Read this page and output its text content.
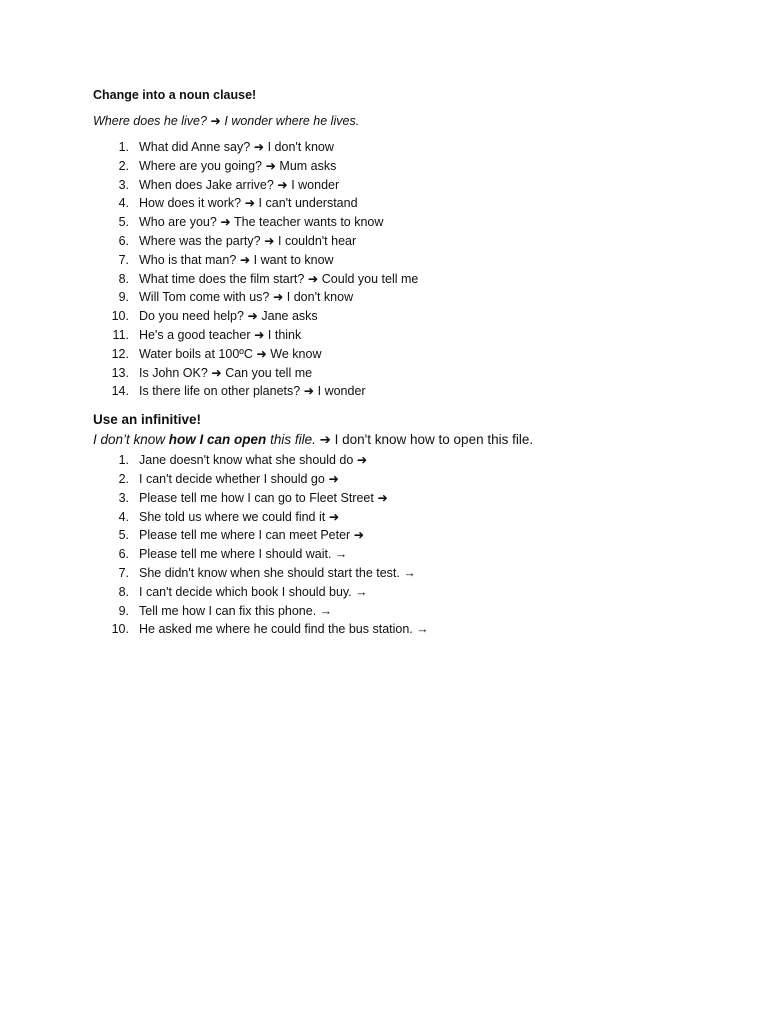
Change into a noun clause!

Where does he live? ➜ I wonder where he lives.

1. What did Anne say? ➜ I don't know
2. Where are you going? ➜ Mum asks
3. When does Jake arrive? ➜ I wonder
4. How does it work? ➜ I can't understand
5. Who are you? ➜ The teacher wants to know
6. Where was the party? ➜ I couldn't hear
7. Who is that man? ➜ I want to know
8. What time does the film start? ➜ Could you tell me
9. Will Tom come with us? ➜ I don't know
10. Do you need help? ➜ Jane asks
11. He's a good teacher ➜ I think
12. Water boils at 100ºC ➜ We know
13. Is John OK? ➜ Can you tell me
14. Is there life on other planets? ➜ I wonder

Use an infinitive!

I don’t know how I can open this file. ➔ I don't know how to open this file.

1. Jane doesn't know what she should do ➜
2. I can't decide whether I should go ➜
3. Please tell me how I can go to Fleet Street ➜
4. She told us where we could find it ➜
5. Please tell me where I can meet Peter ➜
6. Please tell me where I should wait. →
7. She didn't know when she should start the test. →
8. I can't decide which book I should buy. →
9. Tell me how I can fix this phone. →
10. He asked me where he could find the bus station. →
